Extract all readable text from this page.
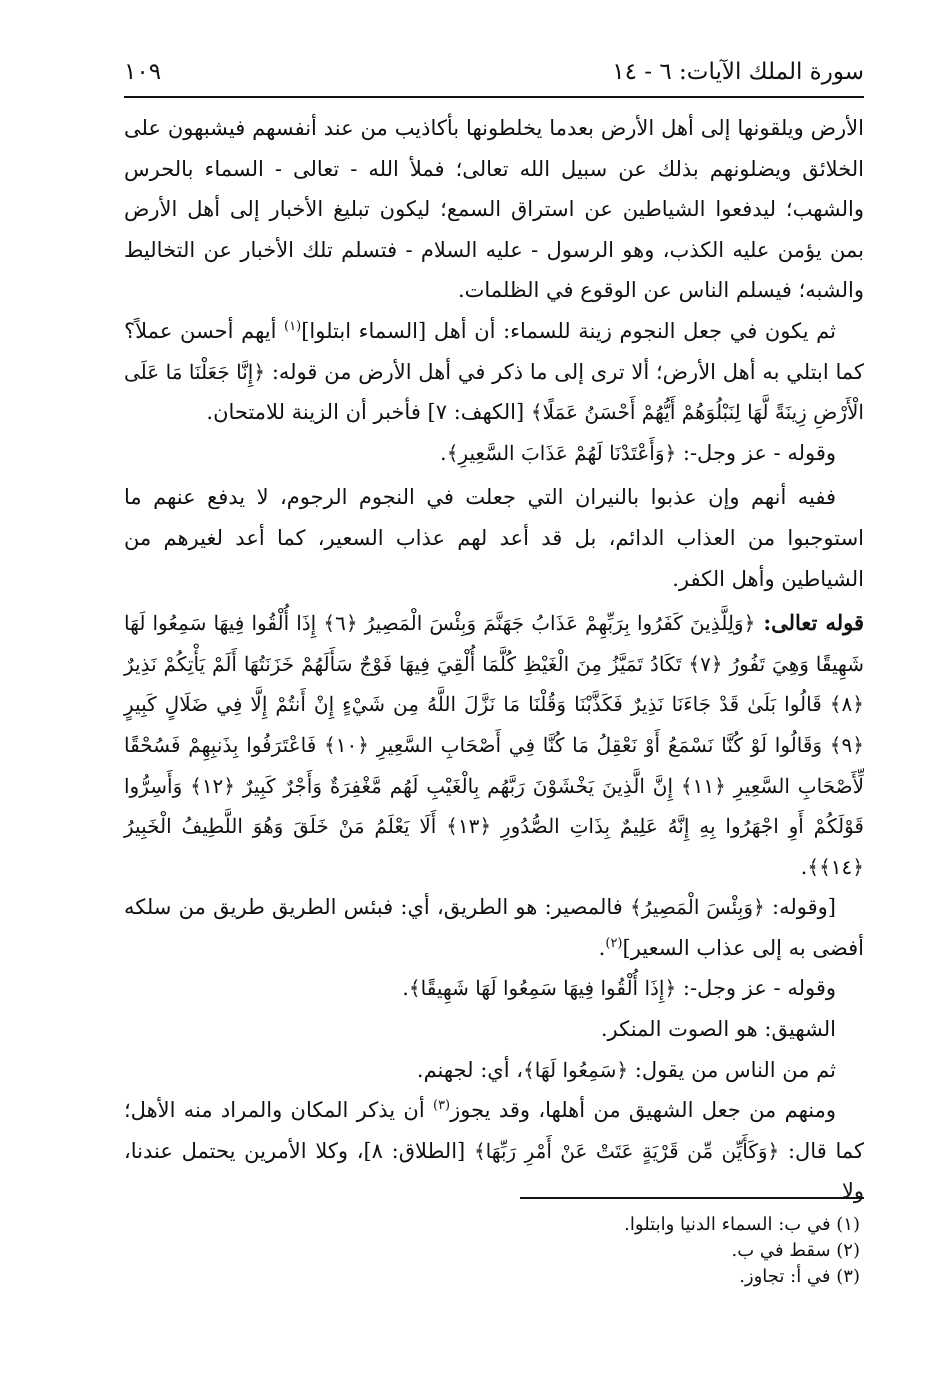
سورة الملك الآيات: ٦ - ١٤
١٠٩

الأرض ويلقونها إلى أهل الأرض بعدما يخلطونها بأكاذيب من عند أنفسهم فيشبهون على الخلائق ويضلونهم بذلك عن سبيل الله تعالى؛ فملأ الله - تعالى - السماء بالحرس والشهب؛ ليدفعوا الشياطين عن استراق السمع؛ ليكون تبليغ الأخبار إلى أهل الأرض بمن يؤمن عليه الكذب، وهو الرسول - عليه السلام - فتسلم تلك الأخبار عن التخاليط والشبه؛ فيسلم الناس عن الوقوع في الظلمات.

ثم يكون في جعل النجوم زينة للسماء: أن أهل [السماء ابتلوا]$^{(١)}$ أيهم أحسن عملاً؟ كما ابتلي به أهل الأرض؛ ألا ترى إلى ما ذكر في أهل الأرض من قوله: ﴿إِنَّا جَعَلْنَا مَا عَلَى الْأَرْضِ زِينَةً لَّهَا لِنَبْلُوَهُمْ أَيُّهُمْ أَحْسَنُ عَمَلًا﴾ [الكهف: ٧] فأخبر أن الزينة للامتحان.

وقوله - عز وجل-: ﴿وَأَعْتَدْنَا لَهُمْ عَذَابَ السَّعِيرِ﴾.

ففيه أنهم وإن عذبوا بالنيران التي جعلت في النجوم الرجوم، لا يدفع عنهم ما استوجبوا من العذاب الدائم، بل قد أعد لهم عذاب السعير، كما أعد لغيرهم من الشياطين وأهل الكفر.

قوله تعالى: ﴿وَلِلَّذِينَ كَفَرُوا بِرَبِّهِمْ عَذَابُ جَهَنَّمَ وَبِئْسَ الْمَصِيرُ ﴿٦﴾ إِذَا أُلْقُوا فِيهَا سَمِعُوا لَهَا شَهِيقًا وَهِيَ تَفُورُ ﴿٧﴾ تَكَادُ تَمَيَّزُ مِنَ الْغَيْظِ كُلَّمَا أُلْقِيَ فِيهَا فَوْجٌ سَأَلَهُمْ خَزَنَتُهَا أَلَمْ يَأْتِكُمْ نَذِيرٌ ﴿٨﴾ قَالُوا بَلَىٰ قَدْ جَاءَنَا نَذِيرٌ فَكَذَّبْنَا وَقُلْنَا مَا نَزَّلَ اللَّهُ مِن شَيْءٍ إِنْ أَنتُمْ إِلَّا فِي ضَلَالٍ كَبِيرٍ ﴿٩﴾ وَقَالُوا لَوْ كُنَّا نَسْمَعُ أَوْ نَعْقِلُ مَا كُنَّا فِي أَصْحَابِ السَّعِيرِ ﴿١٠﴾ فَاعْتَرَفُوا بِذَنبِهِمْ فَسُحْقًا لِّأَصْحَابِ السَّعِيرِ ﴿١١﴾ إِنَّ الَّذِينَ يَخْشَوْنَ رَبَّهُم بِالْغَيْبِ لَهُم مَّغْفِرَةٌ وَأَجْرٌ كَبِيرٌ ﴿١٢﴾ وَأَسِرُّوا قَوْلَكُمْ أَوِ اجْهَرُوا بِهِ إِنَّهُ عَلِيمٌ بِذَاتِ الصُّدُورِ ﴿١٣﴾ أَلَا يَعْلَمُ مَنْ خَلَقَ وَهُوَ اللَّطِيفُ الْخَبِيرُ ﴿١٤﴾﴾.

[وقوله: ﴿وَبِئْسَ الْمَصِيرُ﴾ فالمصير: هو الطريق، أي: فبئس الطريق طريق من سلكه أفضى به إلى عذاب السعير]$^{(٢)}$.

وقوله - عز وجل-: ﴿إِذَا أُلْقُوا فِيهَا سَمِعُوا لَهَا شَهِيقًا﴾.

الشهيق: هو الصوت المنكر.

ثم من الناس من يقول: ﴿سَمِعُوا لَهَا﴾، أي: لجهنم.

ومنهم من جعل الشهيق من أهلها، وقد يجوز$^{(٣)}$ أن يذكر المكان والمراد منه الأهل؛ كما قال: ﴿وَكَأَيِّن مِّن قَرْيَةٍ عَتَتْ عَنْ أَمْرِ رَبِّهَا﴾ [الطلاق: ٨]، وكلا الأمرين يحتمل عندنا، ولا

(١) في ب: السماء الدنيا وابتلوا.
(٢) سقط في ب.
(٣) في أ: تجاوز.
